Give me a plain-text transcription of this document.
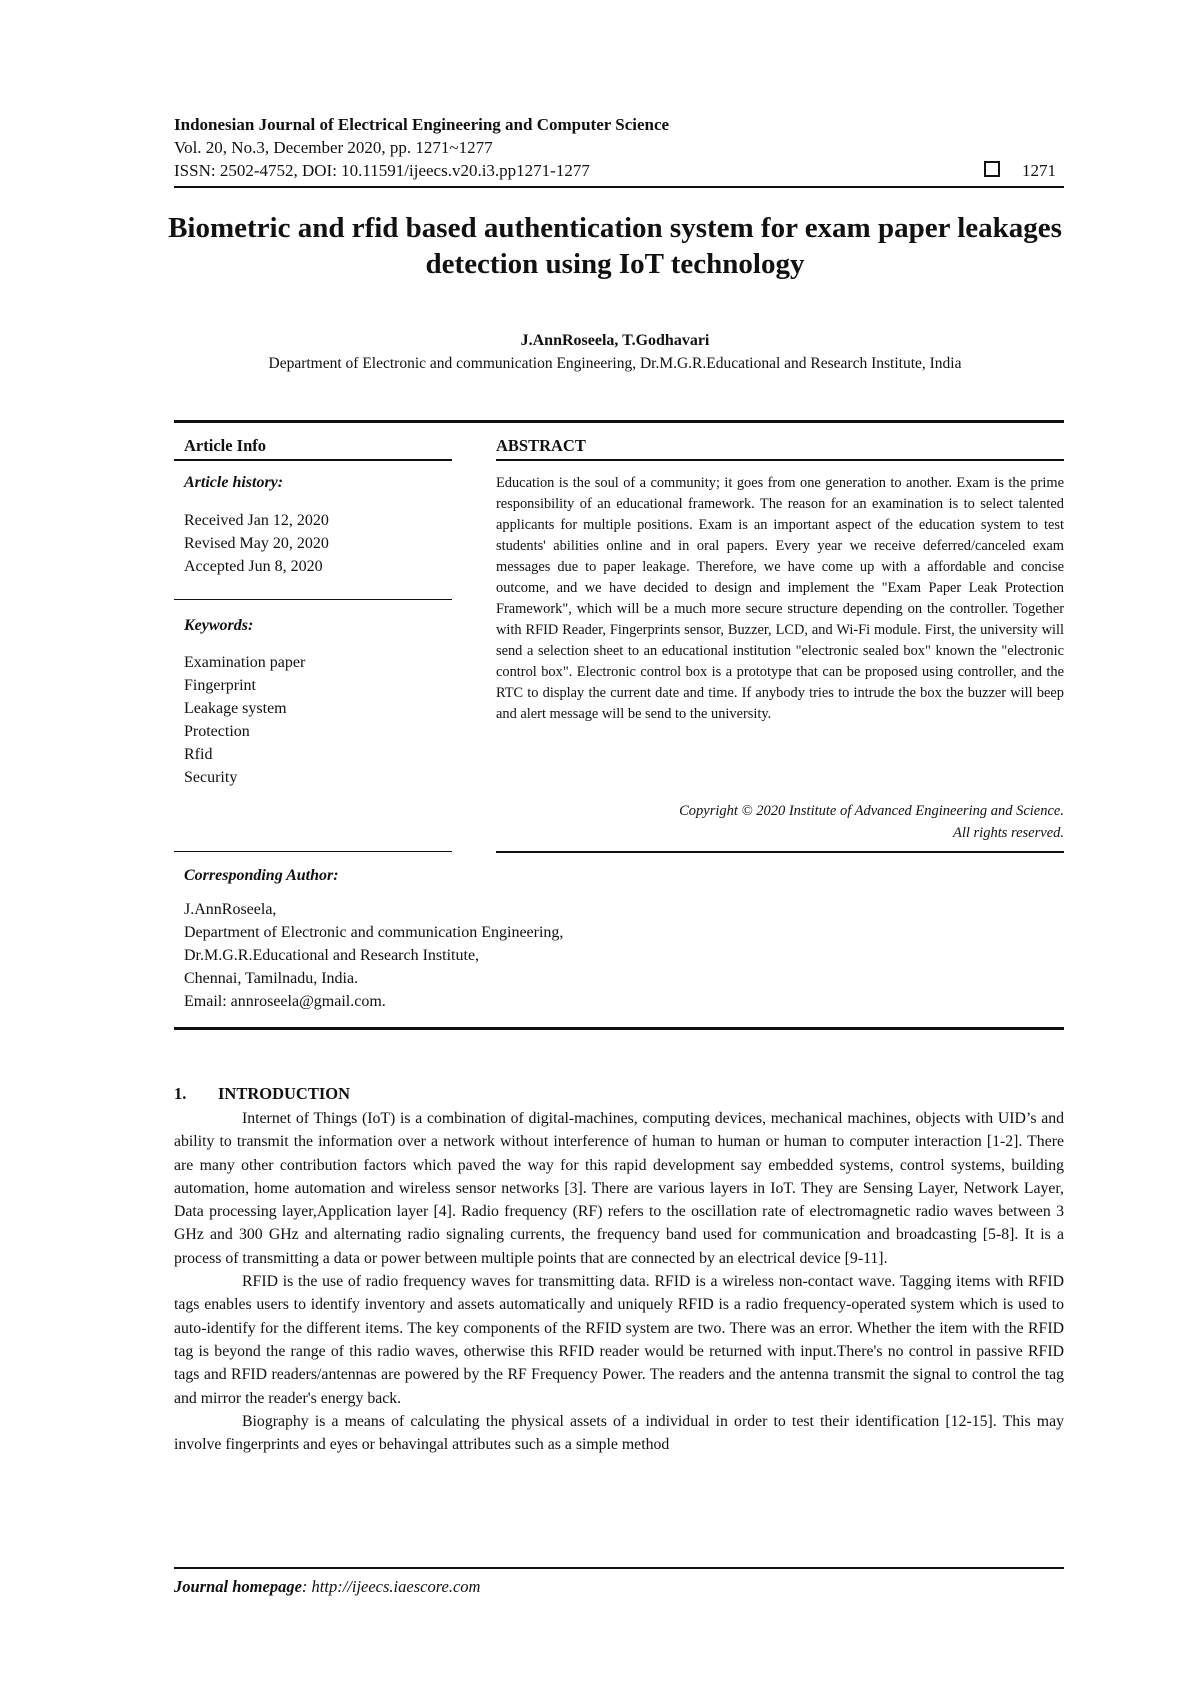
Indonesian Journal of Electrical Engineering and Computer Science
Vol. 20, No.3, December 2020, pp. 1271~1277
ISSN: 2502-4752, DOI: 10.11591/ijeecs.v20.i3.pp1271-1277	1271
Biometric and rfid based authentication system for exam paper leakages detection using IoT technology
J.AnnRoseela, T.Godhavari
Department of Electronic and communication Engineering, Dr.M.G.R.Educational and Research Institute, India
Article Info
Article history:
Received Jan 12, 2020
Revised May 20, 2020
Accepted Jun 8, 2020
Keywords:
Examination paper
Fingerprint
Leakage system
Protection
Rfid
Security
ABSTRACT
Education is the soul of a community; it goes from one generation to another. Exam is the prime responsibility of an educational framework. The reason for an examination is to select talented applicants for multiple positions. Exam is an important aspect of the education system to test students' abilities online and in oral papers. Every year we receive deferred/canceled exam messages due to paper leakage. Therefore, we have come up with a affordable and concise outcome, and we have decided to design and implement the "Exam Paper Leak Protection Framework", which will be a much more secure structure depending on the controller. Together with RFID Reader, Fingerprints sensor, Buzzer, LCD, and Wi-Fi module. First, the university will send a selection sheet to an educational institution "electronic sealed box" known the "electronic control box". Electronic control box is a prototype that can be proposed using controller, and the RTC to display the current date and time. If anybody tries to intrude the box the buzzer will beep and alert message will be send to the university.
Copyright © 2020 Institute of Advanced Engineering and Science.
All rights reserved.
Corresponding Author:
J.AnnRoseela,
Department of Electronic and communication Engineering,
Dr.M.G.R.Educational and Research Institute,
Chennai, Tamilnadu, India.
Email: annroseela@gmail.com.
1. INTRODUCTION

Internet of Things (IoT) is a combination of digital-machines, computing devices, mechanical machines, objects with UID’s and ability to transmit the information over a network without interference of human to human or human to computer interaction [1-2]. There are many other contribution factors which paved the way for this rapid development say embedded systems, control systems, building automation, home automation and wireless sensor networks [3]. There are various layers in IoT. They are Sensing Layer, Network Layer, Data processing layer,Application layer [4]. Radio frequency (RF) refers to the oscillation rate of electromagnetic radio waves between 3 GHz and 300 GHz and alternating radio signaling currents, the frequency band used for communication and broadcasting [5-8]. It is a process of transmitting a data or power between multiple points that are connected by an electrical device [9-11].

RFID is the use of radio frequency waves for transmitting data. RFID is a wireless non-contact wave. Tagging items with RFID tags enables users to identify inventory and assets automatically and uniquely RFID is a radio frequency-operated system which is used to auto-identify for the different items. The key components of the RFID system are two. There was an error. Whether the item with the RFID tag is beyond the range of this radio waves, otherwise this RFID reader would be returned with input.There's no control in passive RFID tags and RFID readers/antennas are powered by the RF Frequency Power. The readers and the antenna transmit the signal to control the tag and mirror the reader's energy back.

Biography is a means of calculating the physical assets of a individual in order to test their identification [12-15]. This may involve fingerprints and eyes or behavingal attributes such as a simple method

Journal homepage: http://ijeecs.iaescore.com
